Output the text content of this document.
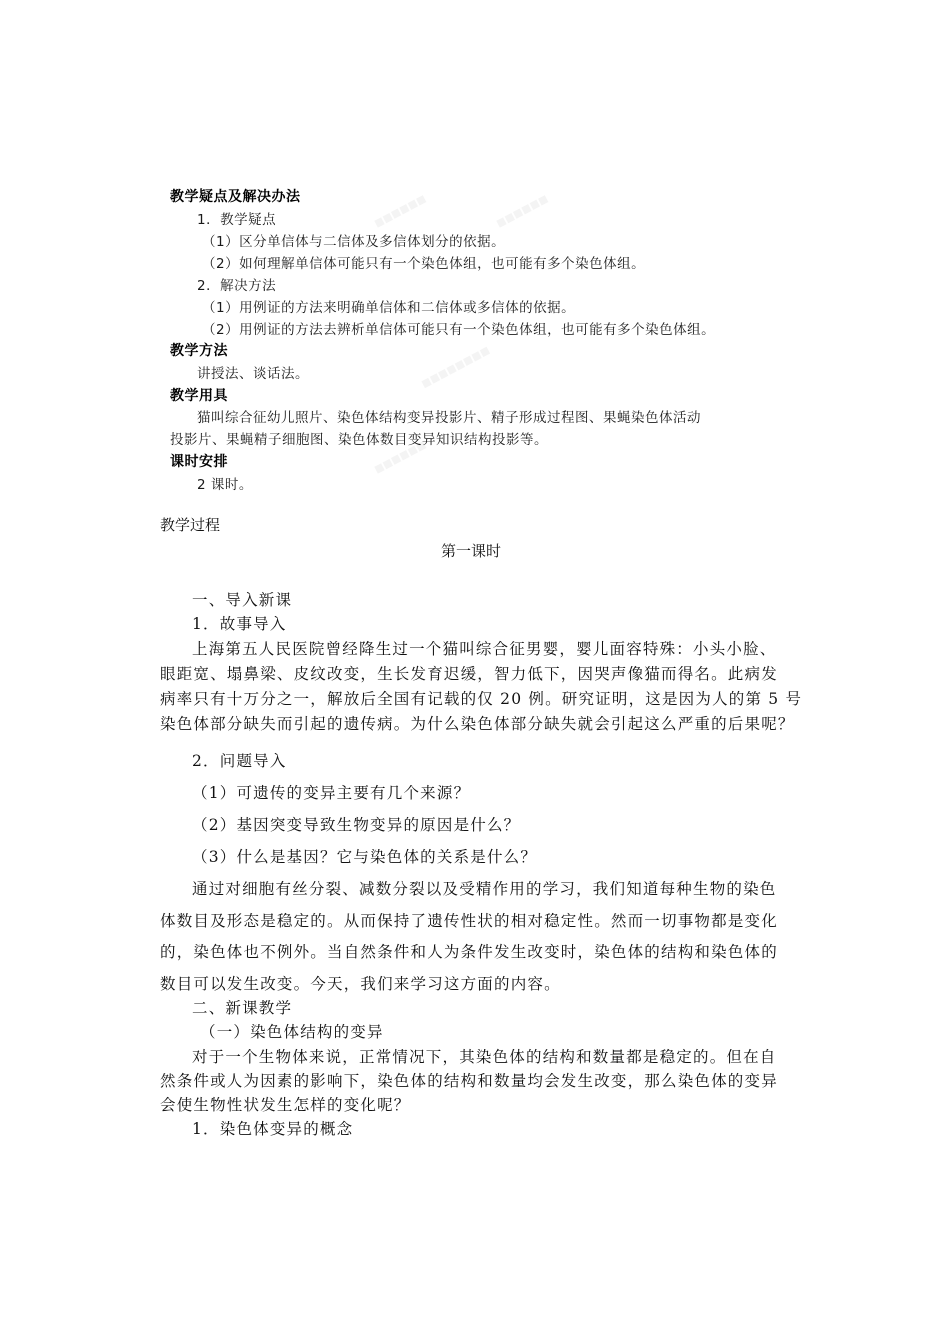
■■■■■■	■■■■■■
■■■■■■■■
■■■■■■
教学疑点及解决办法
1．教学疑点
（1）区分单信体与二信体及多信体划分的依据。
（2）如何理解单信体可能只有一个染色体组，也可能有多个染色体组。
2．解决方法
（1）用例证的方法来明确单信体和二信体或多信体的依据。
（2）用例证的方法去辨析单信体可能只有一个染色体组，也可能有多个染色体组。
教学方法
讲授法、谈话法。
教学用具
猫叫综合征幼儿照片、染色体结构变异投影片、精子形成过程图、果蝇染色体活动
投影片、果蝇精子细胞图、染色体数目变异知识结构投影等。
课时安排
2 课时。
教学过程
第一课时
一、导入新课
1．故事导入
上海第五人民医院曾经降生过一个猫叫综合征男婴，婴儿面容特殊：小头小脸、
眼距宽、塌鼻梁、皮纹改变，生长发育迟缓，智力低下，因哭声像猫而得名。此病发
病率只有十万分之一，解放后全国有记载的仅 20 例。研究证明，这是因为人的第 5 号
染色体部分缺失而引起的遗传病。为什么染色体部分缺失就会引起这么严重的后果呢？
2．问题导入
（1）可遗传的变异主要有几个来源？
（2）基因突变导致生物变异的原因是什么？
（3）什么是基因？它与染色体的关系是什么？
通过对细胞有丝分裂、减数分裂以及受精作用的学习，我们知道每种生物的染色
体数目及形态是稳定的。从而保持了遗传性状的相对稳定性。然而一切事物都是变化
的，染色体也不例外。当自然条件和人为条件发生改变时，染色体的结构和染色体的
数目可以发生改变。今天，我们来学习这方面的内容。
二、新课教学
（一）染色体结构的变异
对于一个生物体来说，正常情况下，其染色体的结构和数量都是稳定的。但在自
然条件或人为因素的影响下，染色体的结构和数量均会发生改变，那么染色体的变异
会使生物性状发生怎样的变化呢？
1．染色体变异的概念
